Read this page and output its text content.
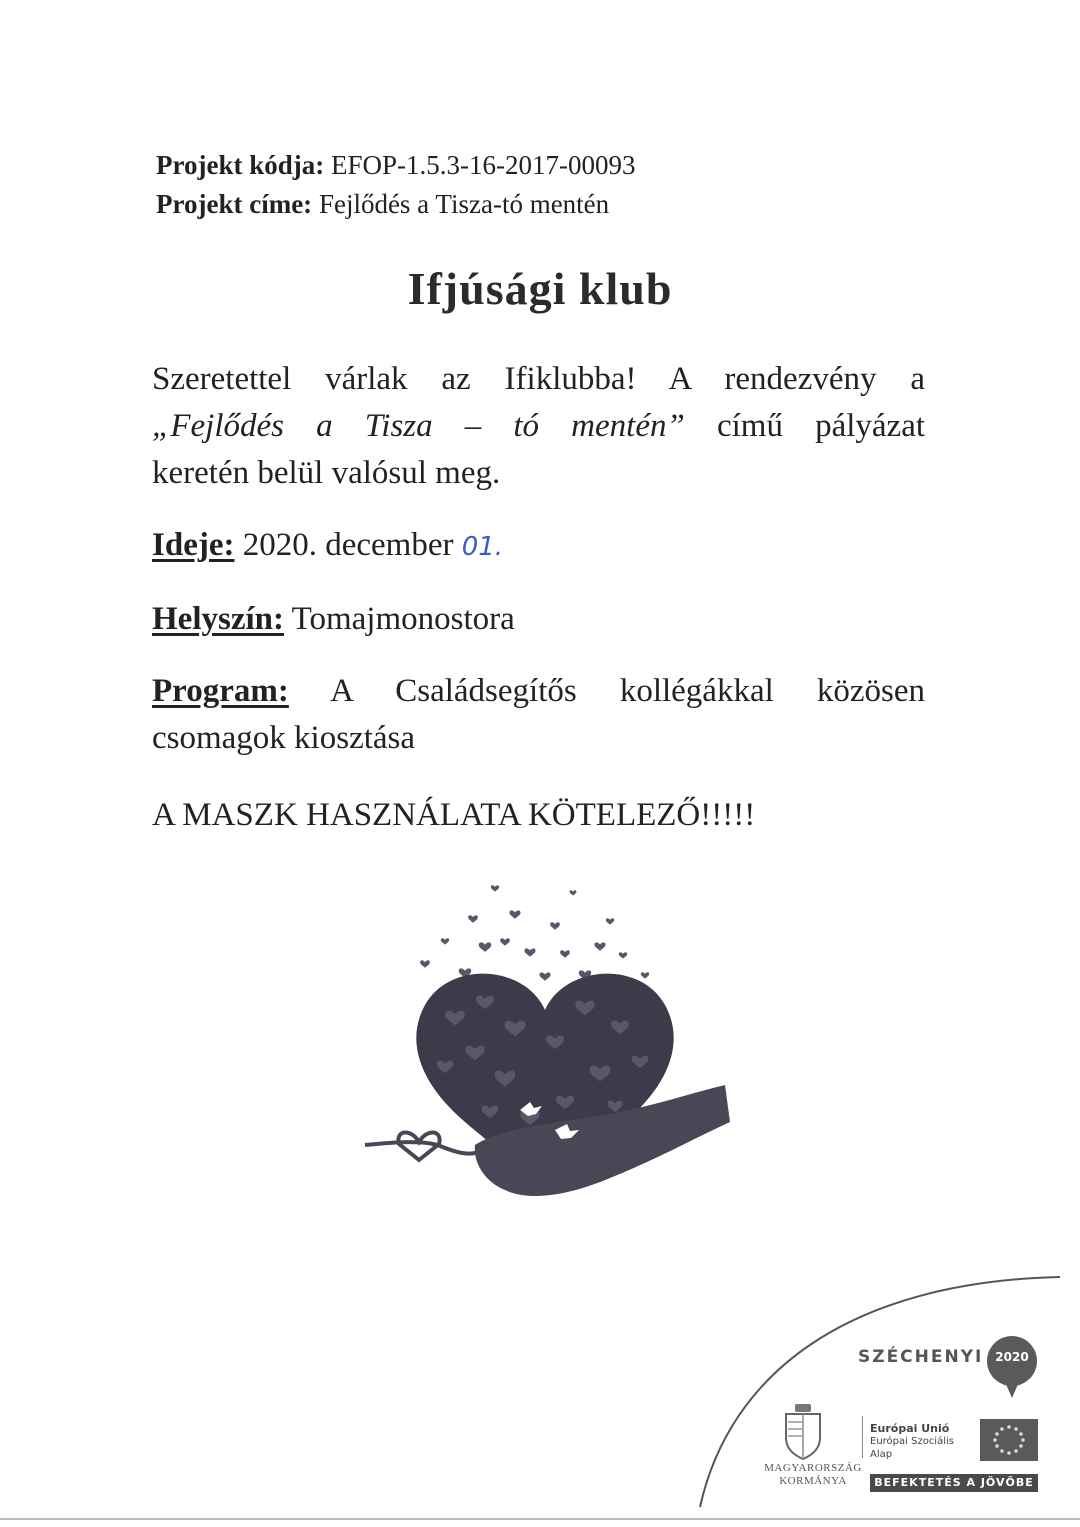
Projekt kódja: EFOP-1.5.3-16-2017-00093
Projekt címe: Fejlődés a Tisza-tó mentén
Ifjúsági klub

Szeretettel várlak az Ifiklubba! A rendezvény a
„Fejlődés a Tisza – tó mentén” című pályázat
keretén belül valósul meg.

Ideje: 2020. december 01.

Helyszín: Tomajmonostora

Program: A Családsegítős kollégákkal közösen
csomagok kiosztása

A MASZK HASZNÁLATA KÖTELEZŐ!!!!!

SZÉCHENYI 2020
MAGYARORSZÁG
KORMÁNYA
Európai Unió
Európai Szociális
Alap
BEFEKTETÉS A JÖVŐBE
